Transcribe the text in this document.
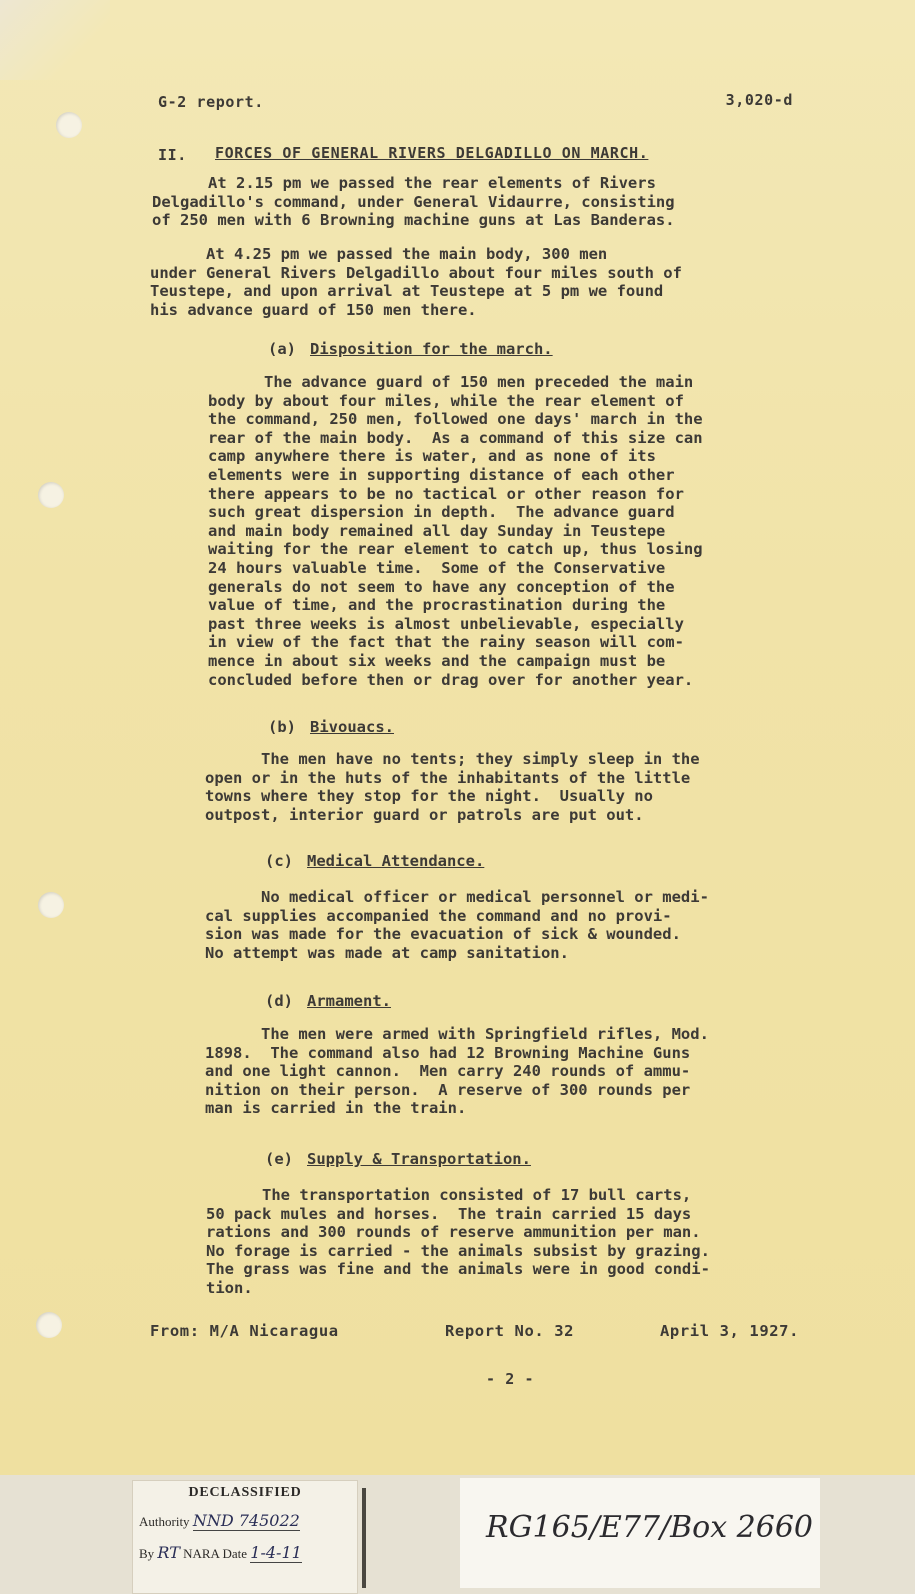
G-2 report.	3,020-d
II. FORCES OF GENERAL RIVERS DELGADILLO ON MARCH.
At 2.15 pm we passed the rear elements of Rivers
Delgadillo's command, under General Vidaurre, consisting
of 250 men with 6 Browning machine guns at Las Banderas.
At 4.25 pm we passed the main body, 300 men
under General Rivers Delgadillo about four miles south of
Teustepe, and upon arrival at Teustepe at 5 pm we found
his advance guard of 150 men there.
(a) Disposition for the march.
The advance guard of 150 men preceded the main
body by about four miles, while the rear element of
the command, 250 men, followed one days' march in the
rear of the main body.  As a command of this size can
camp anywhere there is water, and as none of its
elements were in supporting distance of each other
there appears to be no tactical or other reason for
such great dispersion in depth.  The advance guard
and main body remained all day Sunday in Teustepe
waiting for the rear element to catch up, thus losing
24 hours valuable time.  Some of the Conservative
generals do not seem to have any conception of the
value of time, and the procrastination during the
past three weeks is almost unbelievable, especially
in view of the fact that the rainy season will com-
mence in about six weeks and the campaign must be
concluded before then or drag over for another year.
(b) Bivouacs.
The men have no tents; they simply sleep in the
open or in the huts of the inhabitants of the little
towns where they stop for the night.  Usually no
outpost, interior guard or patrols are put out.
(c) Medical Attendance.
No medical officer or medical personnel or medi-
cal supplies accompanied the command and no provi-
sion was made for the evacuation of sick & wounded.
No attempt was made at camp sanitation.
(d) Armament.
The men were armed with Springfield rifles, Mod.
1898.  The command also had 12 Browning Machine Guns
and one light cannon.  Men carry 240 rounds of ammu-
nition on their person.  A reserve of 300 rounds per
man is carried in the train.
(e) Supply & Transportation.
The transportation consisted of 17 bull carts,
50 pack mules and horses.  The train carried 15 days
rations and 300 rounds of reserve ammunition per man.
No forage is carried - the animals subsist by grazing.
The grass was fine and the animals were in good condi-
tion.
From: M/A Nicaragua	Report No. 32	April 3, 1927.
- 2 -
DECLASSIFIED
Authority NND 745022
By RT NARA Date 1-4-11
RG165/E77/Box 2660
